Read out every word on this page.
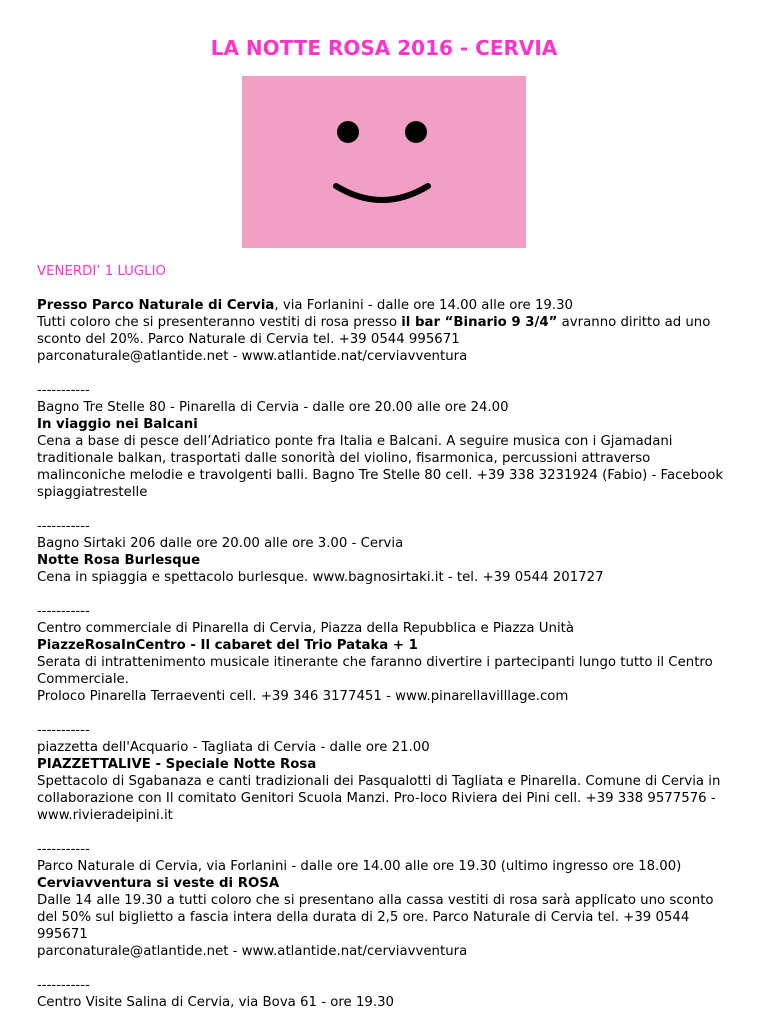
LA NOTTE ROSA 2016 - CERVIA
VENERDI’ 1 LUGLIO

Presso Parco Naturale di Cervia, via Forlanini - dalle ore 14.00 alle ore 19.30

Tutti coloro che si presenteranno vestiti di rosa presso il bar “Binario 9 3/4” avranno diritto ad uno sconto del 20%. Parco Naturale di Cervia tel. +39 0544 995671

parconaturale@atlantide.net - www.atlantide.nat/cerviavventura

-----------

Bagno Tre Stelle 80 - Pinarella di Cervia - dalle ore 20.00 alle ore 24.00

In viaggio nei Balcani

Cena a base di pesce dell’Adriatico ponte fra Italia e Balcani. A seguire musica con i Gjamadani traditionale balkan, trasportati dalle sonorità del violino, fisarmonica, percussioni attraverso malinconiche melodie e travolgenti balli. Bagno Tre Stelle 80 cell. +39 338 3231924 (Fabio) - Facebook spiaggiatrestelle

-----------

Bagno Sirtaki 206 dalle ore 20.00 alle ore 3.00 - Cervia

Notte Rosa Burlesque

Cena in spiaggia e spettacolo burlesque. www.bagnosirtaki.it - tel. +39 0544 201727

-----------

Centro commerciale di Pinarella di Cervia, Piazza della Repubblica e Piazza Unità

PiazzeRosaInCentro - Il cabaret del Trio Pataka + 1

Serata di intrattenimento musicale itinerante che faranno divertire i partecipanti lungo tutto il Centro Commerciale.

Proloco Pinarella Terraeventi cell. +39 346 3177451 - www.pinarellavilllage.com

-----------

piazzetta dell'Acquario - Tagliata di Cervia - dalle ore 21.00

PIAZZETTALIVE - Speciale Notte Rosa

Spettacolo di Sgabanaza e canti tradizionali dei Pasqualotti di Tagliata e Pinarella. Comune di Cervia in collaborazione con Il comitato Genitori Scuola Manzi. Pro-loco Riviera dei Pini cell. +39 338 9577576 - www.rivieradeipini.it

-----------

Parco Naturale di Cervia, via Forlanini - dalle ore 14.00 alle ore 19.30 (ultimo ingresso ore 18.00)

Cerviavventura si veste di ROSA

Dalle 14 alle 19.30 a tutti coloro che si presentano alla cassa vestiti di rosa sarà applicato uno sconto del 50% sul biglietto a fascia intera della durata di 2,5 ore. Parco Naturale di Cervia tel. +39 0544 995671

parconaturale@atlantide.net - www.atlantide.nat/cerviavventura

-----------

Centro Visite Salina di Cervia, via Bova 61 - ore 19.30
